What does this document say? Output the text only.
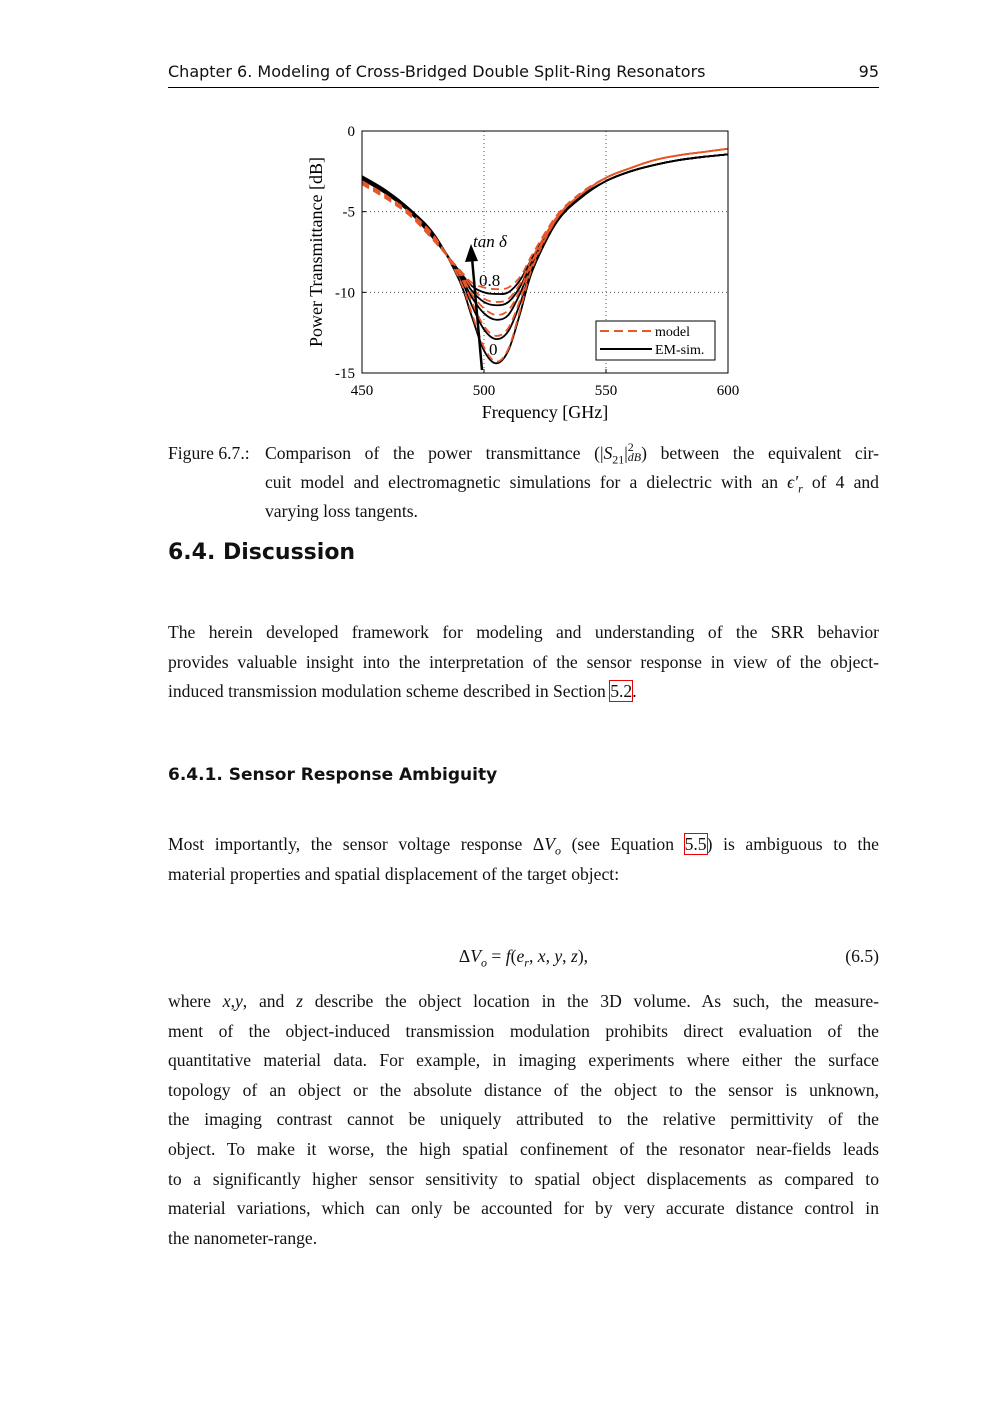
Chapter 6. Modeling of Cross-Bridged Double Split-Ring Resonators	95
450	500	550	600
0
-5
-10
-15
Frequency [GHz]
Power Transmittance [dB]	tan δ
0.8
0
model
EM-sim.
Figure 6.7.: Comparison of the power transmittance ($|S_{21}|$ 2
dB ) between the equivalent cir-
cuit model and electromagnetic simulations for a dielectric with an $\epsilon'_r$ of 4 and
varying loss tangents.
6.4. Discussion
The herein developed framework for modeling and understanding of the SRR behavior
provides valuable insight into the interpretation of the sensor response in view of the object-
induced transmission modulation scheme described in Section 5.2.
6.4.1. Sensor Response Ambiguity
Most importantly, the sensor voltage response $\Delta V_o$ (see Equation 5.5) is ambiguous to the
material properties and spatial displacement of the target object:
$\Delta V_o = f(e_r$, x, y, z),	(6.5)
where x,y, and z describe the object location in the 3D volume. As such, the measure-
ment of the object-induced transmission modulation prohibits direct evaluation of the
quantitative material data. For example, in imaging experiments where either the surface
topology of an object or the absolute distance of the object to the sensor is unknown,
the imaging contrast cannot be uniquely attributed to the relative permittivity of the
object. To make it worse, the high spatial confinement of the resonator near-fields leads
to a significantly higher sensor sensitivity to spatial object displacements as compared to
material variations, which can only be accounted for by very accurate distance control in
the nanometer-range.
